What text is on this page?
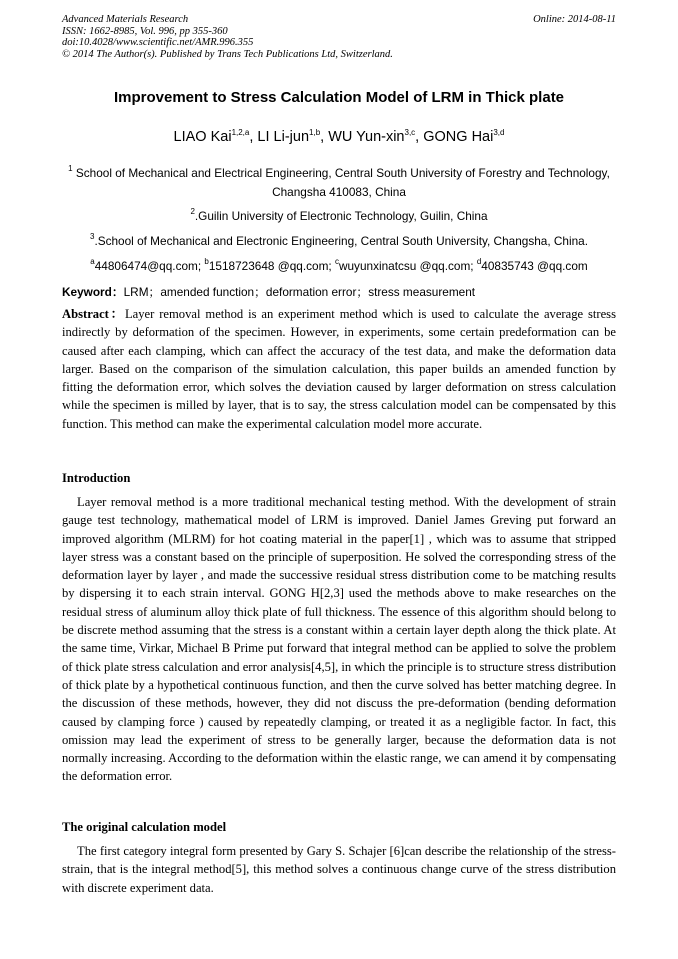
Advanced Materials Research
ISSN: 1662-8985, Vol. 996, pp 355-360
doi:10.4028/www.scientific.net/AMR.996.355
© 2014 The Author(s). Published by Trans Tech Publications Ltd, Switzerland.
Online: 2014-08-11
Improvement to Stress Calculation Model of LRM in Thick plate
LIAO Kai$^{1,2,a}$, LI Li-jun$^{1,b}$, WU Yun-xin$^{3,c}$, GONG Hai$^{3,d}$
$^1$ School of Mechanical and Electrical Engineering, Central South University of Forestry and Technology, Changsha 410083, China
$^2$.Guilin University of Electronic Technology, Guilin, China
$^3$.School of Mechanical and Electronic Engineering, Central South University, Changsha, China.
$^a$44806474@qq.com; $^b$1518723648 @qq.com; $^c$wuyunxinatcsu @qq.com; $^d$40835743 @qq.com
Keyword：LRM；amended function；deformation error；stress measurement
Abstract：Layer removal method is an experiment method which is used to calculate the average stress indirectly by deformation of the specimen. However, in experiments, some certain predeformation can be caused after each clamping, which can affect the accuracy of the test data, and make the deformation data larger. Based on the comparison of the simulation calculation, this paper builds an amended function by fitting the deformation error, which solves the deviation caused by larger deformation on stress calculation while the specimen is milled by layer, that is to say, the stress calculation model can be compensated by this function. This method can make the experimental calculation model more accurate.
Introduction
Layer removal method is a more traditional mechanical testing method. With the development of strain gauge test technology, mathematical model of LRM is improved. Daniel James Greving put forward an improved algorithm (MLRM) for hot coating material in the paper[1] , which was to assume that stripped layer stress was a constant based on the principle of superposition. He solved the corresponding stress of the deformation layer by layer , and made the successive residual stress distribution come to be matching results by dispersing it to each strain interval. GONG H[2,3] used the methods above to make researches on the residual stress of aluminum alloy thick plate of full thickness. The essence of this algorithm should belong to be discrete method assuming that the stress is a constant within a certain layer depth along the thick plate. At the same time, Virkar, Michael B Prime put forward that integral method can be applied to solve the problem of thick plate stress calculation and error analysis[4,5], in which the principle is to structure stress distribution of thick plate by a hypothetical continuous function, and then the curve solved has better matching degree. In the discussion of these methods, however, they did not discuss the pre-deformation (bending deformation caused by clamping force ) caused by repeatedly clamping, or treated it as a negligible factor. In fact, this omission may lead the experiment of stress to be generally larger, because the deformation data is not normally increasing. According to the deformation within the elastic range, we can amend it by compensating the deformation error.
The original calculation model
The first category integral form presented by Gary S. Schajer [6]can describe the relationship of the stress-strain, that is the integral method[5], this method solves a continuous change curve of the stress distribution with discrete experiment data.
